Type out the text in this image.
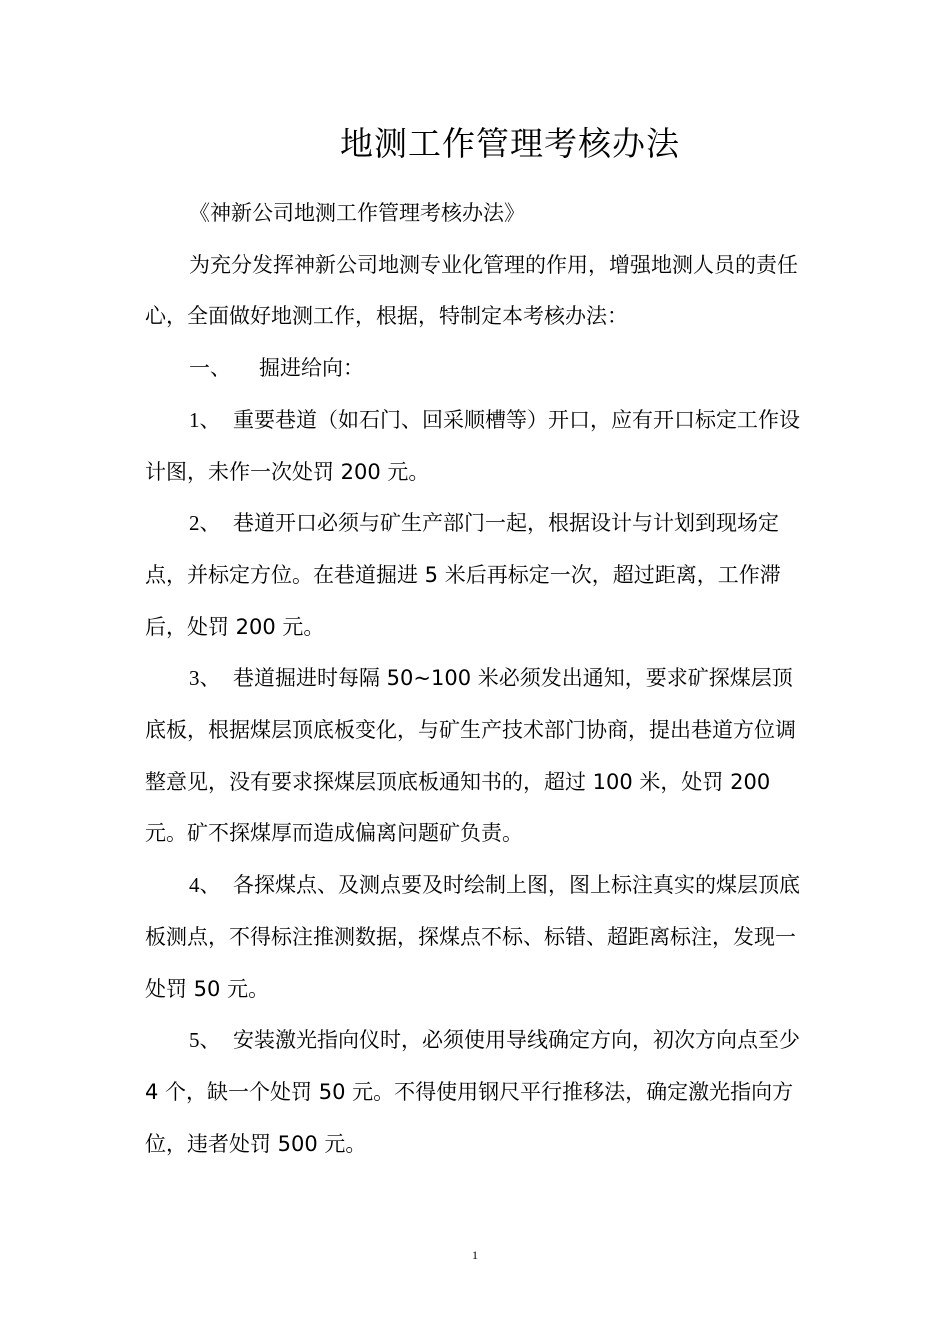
地测工作管理考核办法

《神新公司地测工作管理考核办法》

为充分发挥神新公司地测专业化管理的作用，增强地测人员的责任心，全面做好地测工作，根据，特制定本考核办法：

一、 掘进给向：

1、 重要巷道（如石门、回采顺槽等）开口，应有开口标定工作设计图，未作一次处罚 200 元。

2、 巷道开口必须与矿生产部门一起，根据设计与计划到现场定点，并标定方位。在巷道掘进 5 米后再标定一次，超过距离，工作滞后，处罚 200 元。

3、 巷道掘进时每隔 50~100 米必须发出通知，要求矿探煤层顶底板，根据煤层顶底板变化，与矿生产技术部门协商，提出巷道方位调整意见，没有要求探煤层顶底板通知书的，超过 100 米，处罚 200 元。矿不探煤厚而造成偏离问题矿负责。

4、 各探煤点、及测点要及时绘制上图，图上标注真实的煤层顶底板测点，不得标注推测数据，探煤点不标、标错、超距离标注，发现一处罚 50 元。

5、 安装激光指向仪时，必须使用导线确定方向，初次方向点至少 4 个，缺一个处罚 50 元。不得使用钢尺平行推移法，确定激光指向方位，违者处罚 500 元。

1
